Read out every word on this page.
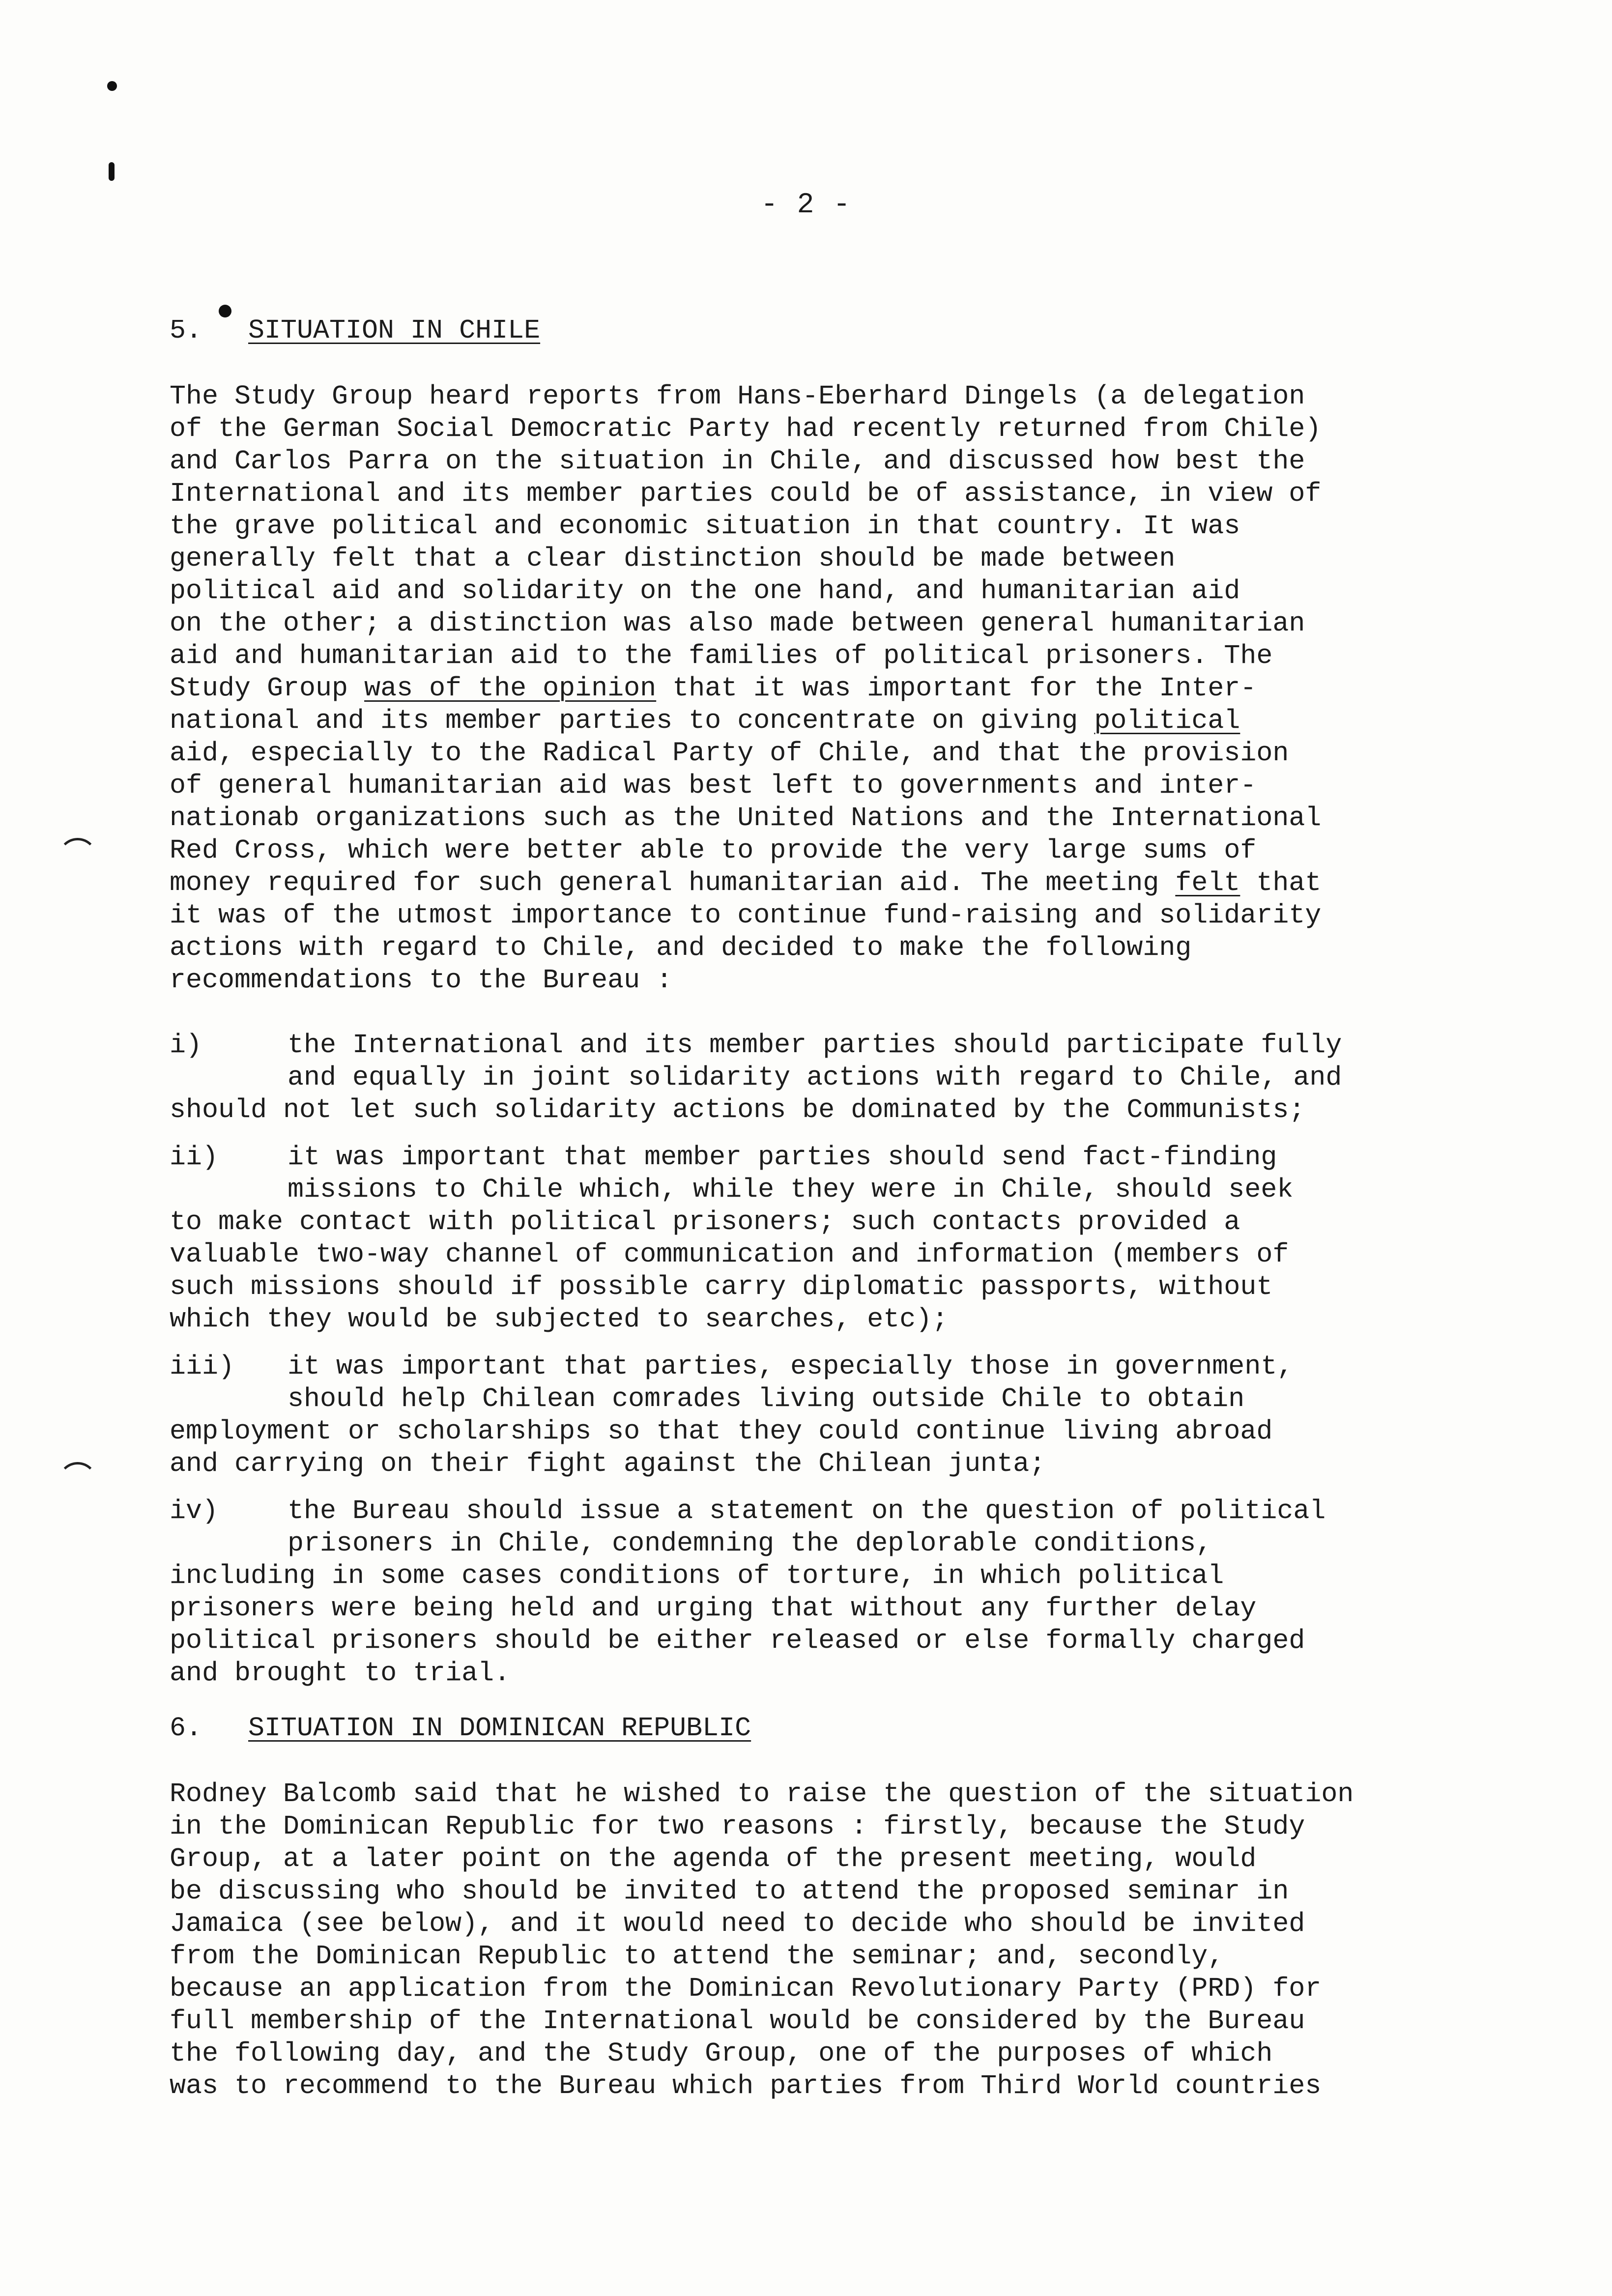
- 2 -
5.	SITUATION IN CHILE
The Study Group heard reports from Hans-Eberhard Dingels (a delegation
of the German Social Democratic Party had recently returned from Chile)
and Carlos Parra on the situation in Chile, and discussed how best the
International and its member parties could be of assistance, in view of
the grave political and economic situation in that country. It was
generally felt that a clear distinction should be made between
political aid and solidarity on the one hand, and humanitarian aid
on the other; a distinction was also made between general humanitarian
aid and humanitarian aid to the families of political prisoners. The
Study Group was of the opinion that it was important for the Inter-
national and its member parties to concentrate on giving political
aid, especially to the Radical Party of Chile, and that the provision
of general humanitarian aid was best left to governments and inter-
nationab organizations such as the United Nations and the International
Red Cross, which were better able to provide the very large sums of
money required for such general humanitarian aid. The meeting felt that
it was of the utmost importance to continue fund-raising and solidarity
actions with regard to Chile, and decided to make the following
recommendations to the Bureau :
i)	the International and its member parties should participate fully
and equally in joint solidarity actions with regard to Chile, and
should not let such solidarity actions be dominated by the Communists;
ii)	it was important that member parties should send fact-finding
missions to Chile which, while they were in Chile, should seek
to make contact with political prisoners; such contacts provided a
valuable two-way channel of communication and information (members of
such missions should if possible carry diplomatic passports, without
which they would be subjected to searches, etc);
iii)	it was important that parties, especially those in government,
should help Chilean comrades living outside Chile to obtain
employment or scholarships so that they could continue living abroad
and carrying on their fight against the Chilean junta;
iv)	the Bureau should issue a statement on the question of political
prisoners in Chile, condemning the deplorable conditions,
including in some cases conditions of torture, in which political
prisoners were being held and urging that without any further delay
political prisoners should be either released or else formally charged
and brought to trial.
6.	SITUATION IN DOMINICAN REPUBLIC
Rodney Balcomb said that he wished to raise the question of the situation
in the Dominican Republic for two reasons : firstly, because the Study
Group, at a later point on the agenda of the present meeting, would
be discussing who should be invited to attend the proposed seminar in
Jamaica (see below), and it would need to decide who should be invited
from the Dominican Republic to attend the seminar; and, secondly,
because an application from the Dominican Revolutionary Party (PRD) for
full membership of the International would be considered by the Bureau
the following day, and the Study Group, one of the purposes of which
was to recommend to the Bureau which parties from Third World countries
